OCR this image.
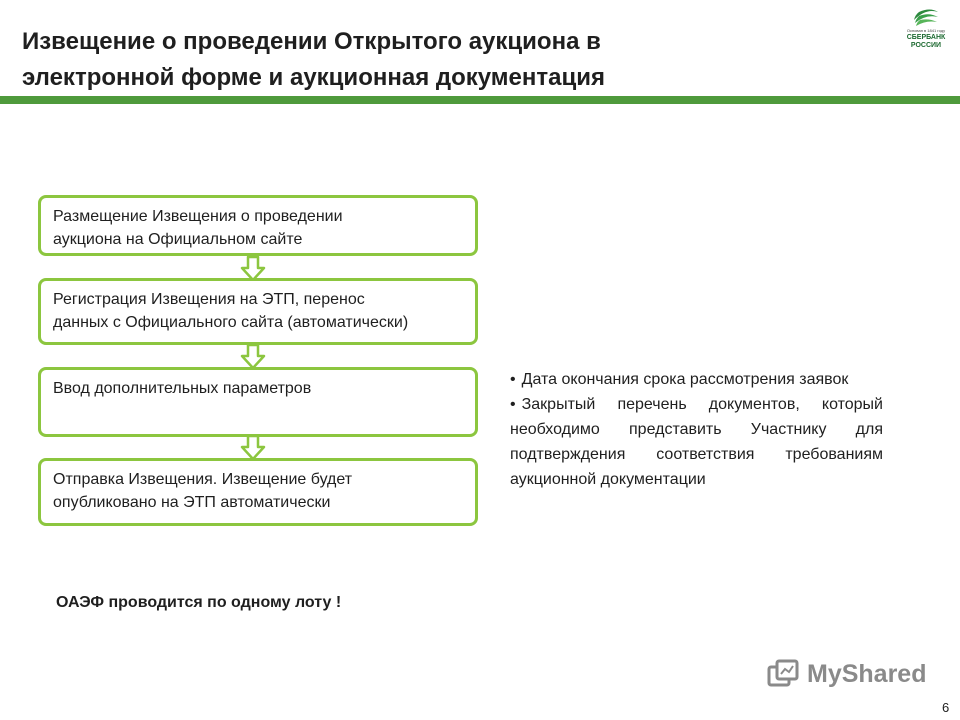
Извещение о проведении Открытого аукциона в
электронной форме и аукционная документация
Основан в 1841 году
СБЕРБАНК
РОССИИ
Размещение Извещения о проведении
аукциона на Официальном сайте
Регистрация Извещения на ЭТП, перенос
данных с Официального сайта (автоматически)
Ввод дополнительных параметров
Отправка Извещения. Извещение будет
опубликовано на ЭТП автоматически
• Дата окончания срока рассмотрения заявок
• Закрытый перечень документов, который необходимо представить Участнику для подтверждения соответствия требованиям аукционной документации
ОАЭФ проводится по одному лоту !
MyShared
6
